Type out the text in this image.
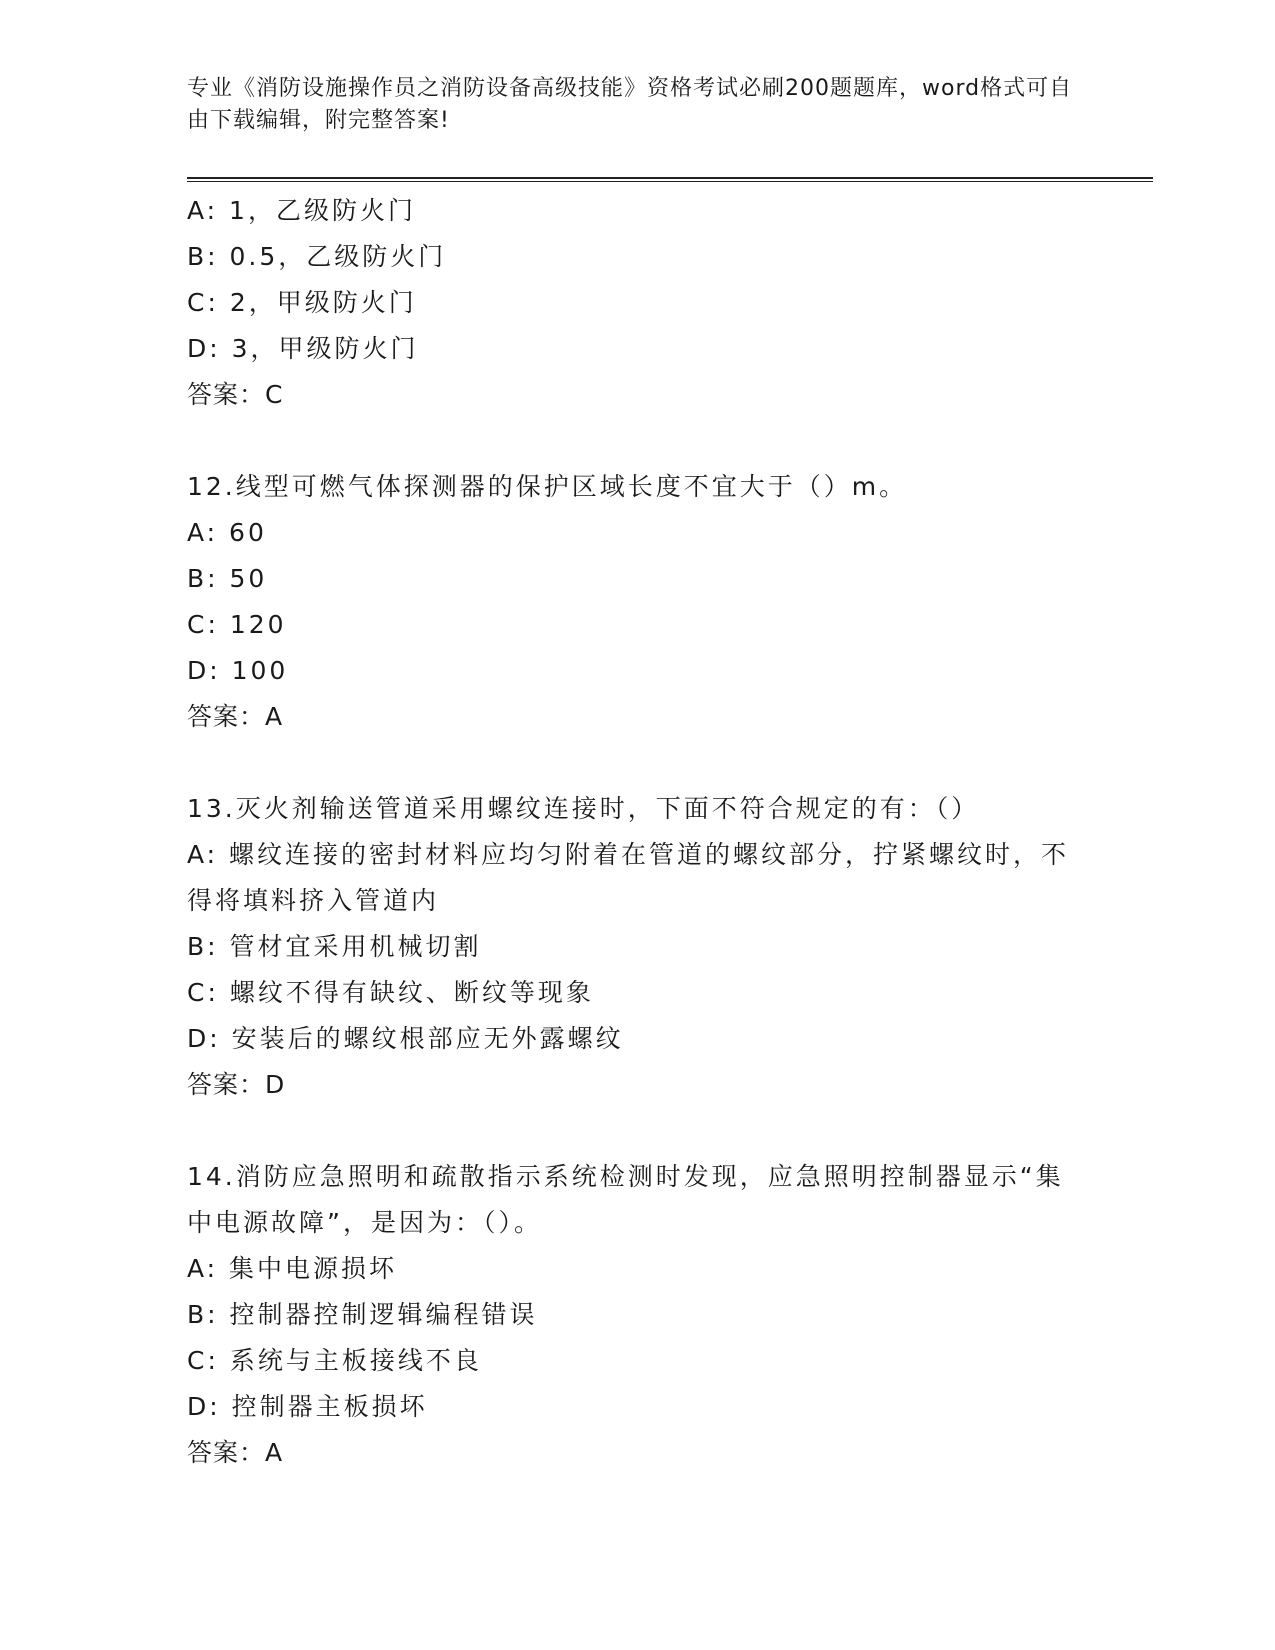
专业《消防设施操作员之消防设备高级技能》资格考试必刷200题题库，word格式可自由下载编辑，附完整答案!
A: 1，乙级防火门
B: 0.5，乙级防火门
C: 2，甲级防火门
D: 3，甲级防火门
答案：C
12.线型可燃气体探测器的保护区域长度不宜大于（）m。
A: 60
B: 50
C: 120
D: 100
答案：A
13.灭火剂输送管道采用螺纹连接时，下面不符合规定的有：（）
A: 螺纹连接的密封材料应均匀附着在管道的螺纹部分，拧紧螺纹时，不得将填料挤入管道内
B: 管材宜采用机械切割
C: 螺纹不得有缺纹、断纹等现象
D: 安装后的螺纹根部应无外露螺纹
答案：D
14.消防应急照明和疏散指示系统检测时发现，应急照明控制器显示“集中电源故障”，是因为：（）。
A: 集中电源损坏
B: 控制器控制逻辑编程错误
C: 系统与主板接线不良
D: 控制器主板损坏
答案：A
